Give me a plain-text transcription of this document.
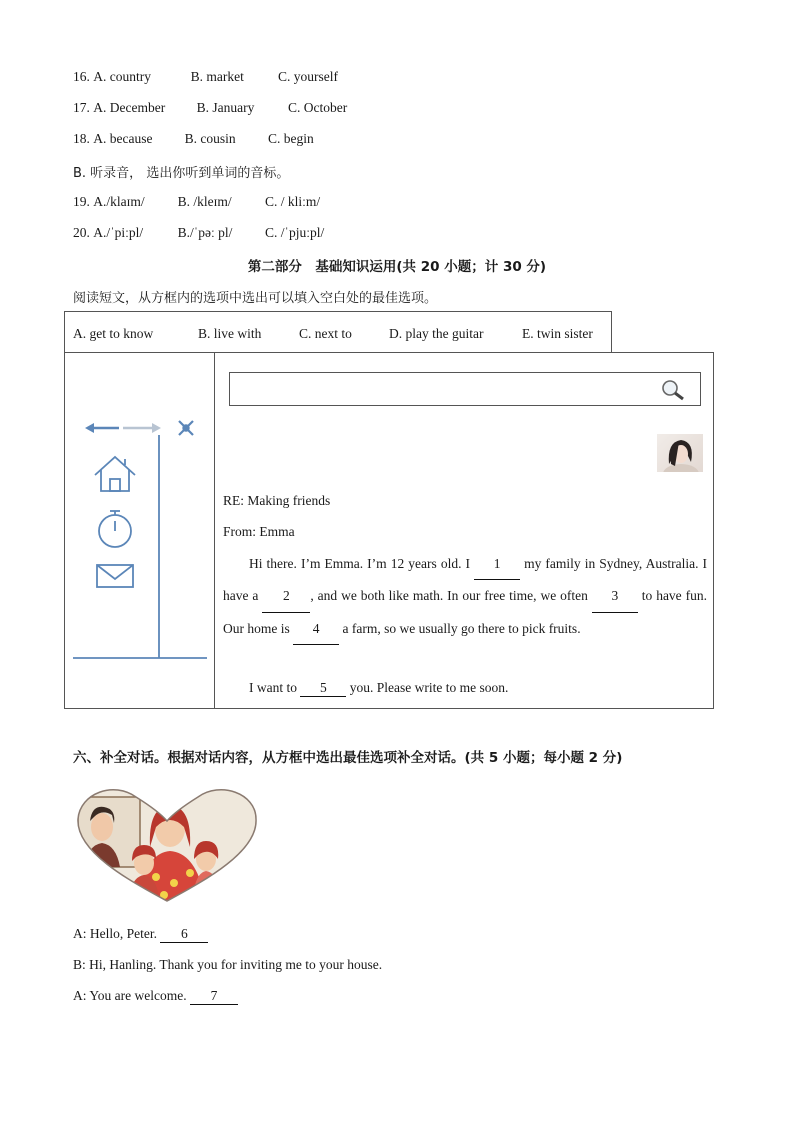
16. A. country	B. market	C. yourself
17. A. December B. January C. October
18. A. because B. cousin C. begin
B. 听录音， 选出你听到单词的音标。
19. A./klaɪm/ B. /kleɪm/ C. / kliːm/
20. A./ˈpiːpl/	B./ˈpəː pl/ C. /ˈpjuːpl/
第二部分　基础知识运用(共 20 小题；计 30 分)
阅读短文，从方框内的选项中选出可以填入空白处的最佳选项。
A. get to know	B. live with	C. next to	D. play the guitar	E. twin sister
RE: Making friends
From: Emma
Hi there. I’m Emma. I’m 12 years old. I 1 my family in Sydney, Australia. I have a 2 , and we both like math. In our free time, we often 3 to have fun. Our home is 4 a farm, so we usually go there to pick fruits.
I want to 5 you. Please write to me soon.
六、补全对话。根据对话内容，从方框中选出最佳选项补全对话。(共 5 小题；每小题 2 分)
A: Hello, Peter. 6
B: Hi, Hanling. Thank you for inviting me to your house.
A: You are welcome. 7
